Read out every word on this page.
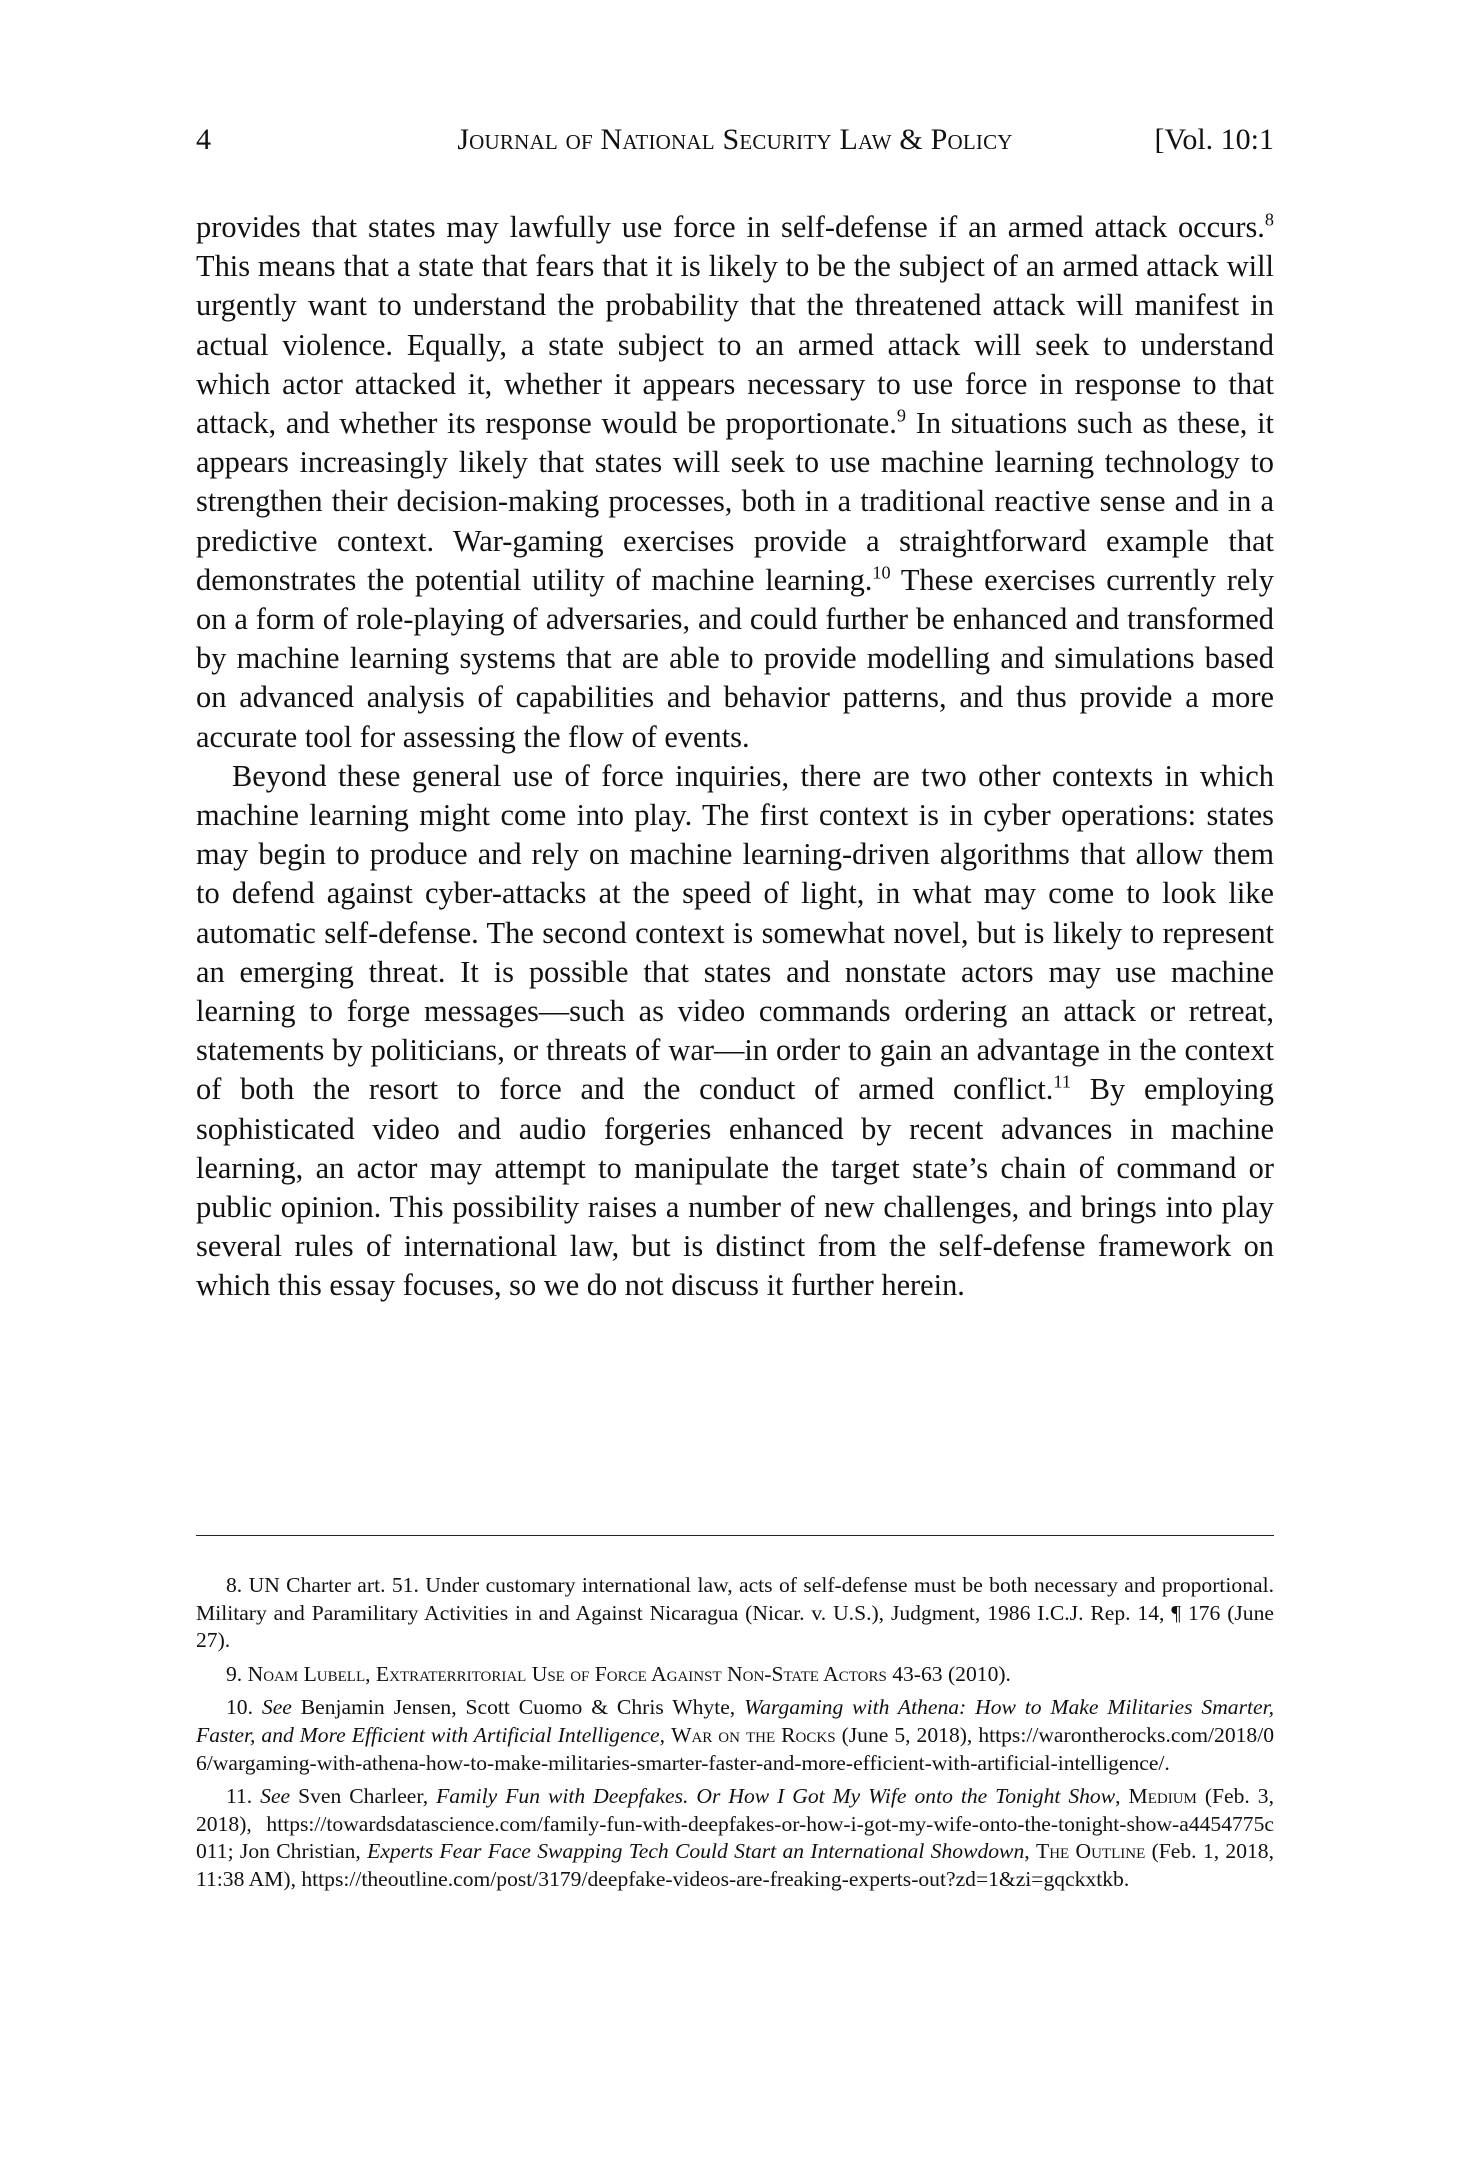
4	Journal of National Security Law & Policy	[Vol. 10:1

provides that states may lawfully use force in self-defense if an armed attack occurs.$^8$ This means that a state that fears that it is likely to be the subject of an armed attack will urgently want to understand the probability that the threatened attack will manifest in actual violence. Equally, a state subject to an armed attack will seek to understand which actor attacked it, whether it appears necessary to use force in response to that attack, and whether its response would be proportionate.$^9$ In situations such as these, it appears increasingly likely that states will seek to use machine learning technology to strengthen their decision-making processes, both in a traditional reactive sense and in a predictive context. War-gaming exercises provide a straightforward example that demonstrates the potential utility of machine learning.$^{10}$ These exercises currently rely on a form of role-playing of adversaries, and could further be enhanced and transformed by machine learning systems that are able to provide modelling and simulations based on advanced analysis of capabilities and behavior patterns, and thus provide a more accurate tool for assessing the flow of events.

Beyond these general use of force inquiries, there are two other contexts in which machine learning might come into play. The first context is in cyber operations: states may begin to produce and rely on machine learning-driven algorithms that allow them to defend against cyber-attacks at the speed of light, in what may come to look like automatic self-defense. The second context is somewhat novel, but is likely to represent an emerging threat. It is possible that states and nonstate actors may use machine learning to forge messages—such as video commands ordering an attack or retreat, statements by politicians, or threats of war—in order to gain an advantage in the context of both the resort to force and the conduct of armed conflict.$^{11}$ By employing sophisticated video and audio forgeries enhanced by recent advances in machine learning, an actor may attempt to manipulate the target state’s chain of command or public opinion. This possibility raises a number of new challenges, and brings into play several rules of international law, but is distinct from the self-defense framework on which this essay focuses, so we do not discuss it further herein.

8. UN Charter art. 51. Under customary international law, acts of self-defense must be both necessary and proportional. Military and Paramilitary Activities in and Against Nicaragua (Nicar. v. U.S.), Judgment, 1986 I.C.J. Rep. 14, ¶ 176 (June 27).

9. Noam Lubell, Extraterritorial Use of Force Against Non-State Actors 43-63 (2010).

10. See Benjamin Jensen, Scott Cuomo & Chris Whyte, Wargaming with Athena: How to Make Militaries Smarter, Faster, and More Efficient with Artificial Intelligence, War on the Rocks (June 5, 2018), https://warontherocks.com/2018/06/wargaming-with-athena-how-to-make-militaries-smarter-faster-and-more-efficient-with-artificial-intelligence/.

11. See Sven Charleer, Family Fun with Deepfakes. Or How I Got My Wife onto the Tonight Show, Medium (Feb. 3, 2018), https://towardsdatascience.com/family-fun-with-deepfakes-or-how-i-got-my-wife-onto-the-tonight-show-a4454775c011; Jon Christian, Experts Fear Face Swapping Tech Could Start an International Showdown, The Outline (Feb. 1, 2018, 11:38 AM), https://theoutline.com/post/3179/deepfake-videos-are-freaking-experts-out?zd=1&zi=gqckxtkb.
